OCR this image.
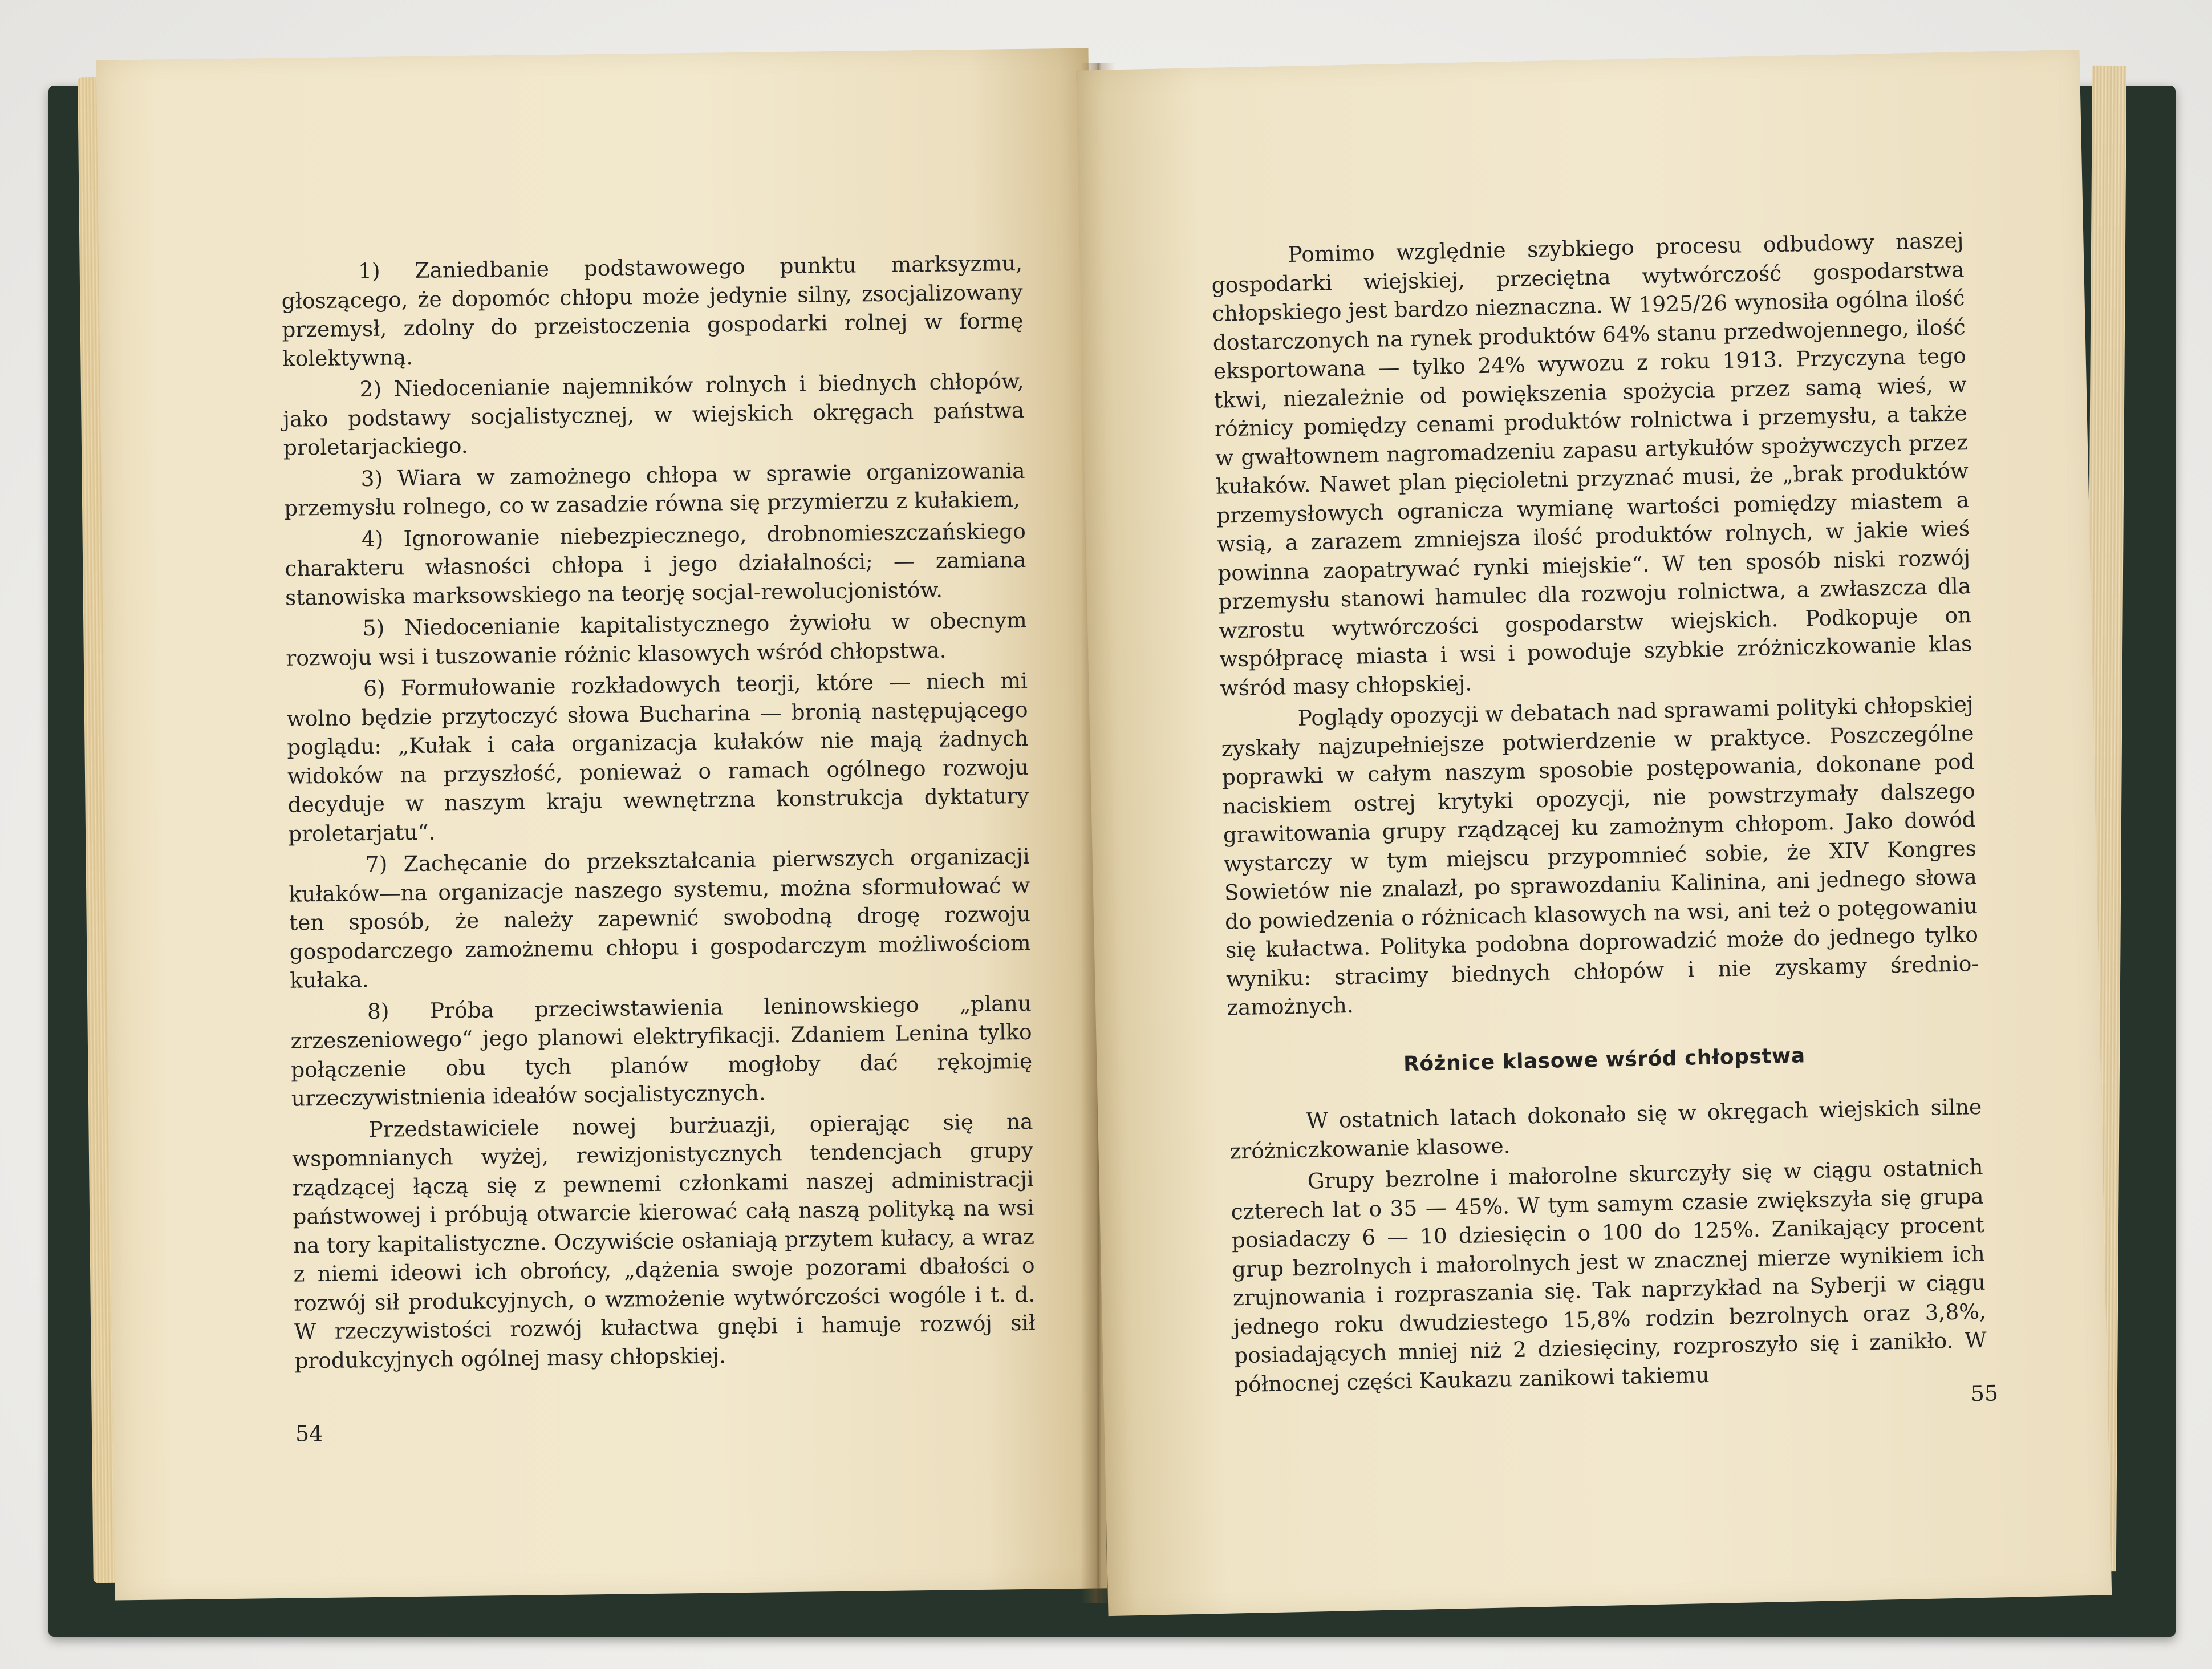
1) Zaniedbanie podstawowego punktu marksyzmu, głoszącego, że dopomóc chłopu może jedynie silny, zsocjalizowany przemysł, zdolny do przeistoczenia gospodarki rolnej w formę kolektywną.

2) Niedocenianie najemników rolnych i biednych chłopów, jako podstawy socjalistycznej, w wiejskich okręgach państwa proletarjackiego.

3) Wiara w zamożnego chłopa w sprawie organizowania przemysłu rolnego, co w zasadzie równa się przymierzu z kułakiem,

4) Ignorowanie niebezpiecznego, drobnomieszczańskiego charakteru własności chłopa i jego działalności; — zamiana stanowiska marksowskiego na teorję socjal-rewolucjonistów.

5) Niedocenianie kapitalistycznego żywiołu w obecnym rozwoju wsi i tuszowanie różnic klasowych wśród chłopstwa.

6) Formułowanie rozkładowych teorji, które — niech mi wolno będzie przytoczyć słowa Bucharina — bronią następującego poglądu: „Kułak i cała organizacja kułaków nie mają żadnych widoków na przyszłość, ponieważ o ramach ogólnego rozwoju decyduje w naszym kraju wewnętrzna konstrukcja dyktatury proletarjatu“.

7) Zachęcanie do przekształcania pierwszych organizacji kułaków—na organizacje naszego systemu, można sformułować w ten sposób, że należy zapewnić swobodną drogę rozwoju gospodarczego zamożnemu chłopu i gospodarczym możliwościom kułaka.

8) Próba przeciwstawienia leninowskiego „planu zrzeszeniowego“ jego planowi elektryfikacji. Zdaniem Lenina tylko połączenie obu tych planów mogłoby dać rękojmię urzeczywistnienia ideałów socjalistycznych.

Przedstawiciele nowej burżuazji, opierając się na wspomnianych wyżej, rewizjonistycznych tendencjach grupy rządzącej łączą się z pewnemi członkami naszej administracji państwowej i próbują otwarcie kierować całą naszą polityką na wsi na tory kapitalistyczne. Oczywiście osłaniają przytem kułacy, a wraz z niemi ideowi ich obrońcy, „dążenia swoje pozorami dbałości o rozwój sił produkcyjnych, o wzmożenie wytwórczości wogóle i t. d. W rzeczywistości rozwój kułactwa gnębi i hamuje rozwój sił produkcyjnych ogólnej masy chłopskiej.

54

Pomimo względnie szybkiego procesu odbudowy naszej gospodarki wiejskiej, przeciętna wytwórczość gospodarstwa chłopskiego jest bardzo nieznaczna. W 1925/26 wynosiła ogólna ilość dostarczonych na rynek produktów 64% stanu przedwojennego, ilość eksportowana — tylko 24% wywozu z roku 1913. Przyczyna tego tkwi, niezależnie od powiększenia spożycia przez samą wieś, w różnicy pomiędzy cenami produktów rolnictwa i przemysłu, a także w gwałtownem nagromadzeniu zapasu artykułów spożywczych przez kułaków. Nawet plan pięcioletni przyznać musi, że „brak produktów przemysłowych ogranicza wymianę wartości pomiędzy miastem a wsią, a zarazem zmniejsza ilość produktów rolnych, w jakie wieś powinna zaopatrywać rynki miejskie“. W ten sposób niski rozwój przemysłu stanowi hamulec dla rozwoju rolnictwa, a zwłaszcza dla wzrostu wytwórczości gospodarstw wiejskich. Podkopuje on współpracę miasta i wsi i powoduje szybkie zróżniczkowanie klas wśród masy chłopskiej.

Poglądy opozycji w debatach nad sprawami polityki chłopskiej zyskały najzupełniejsze potwierdzenie w praktyce. Poszczególne poprawki w całym naszym sposobie postępowania, dokonane pod naciskiem ostrej krytyki opozycji, nie powstrzymały dalszego grawitowania grupy rządzącej ku zamożnym chłopom. Jako dowód wystarczy w tym miejscu przypomnieć sobie, że XIV Kongres Sowietów nie znalazł, po sprawozdaniu Kalinina, ani jednego słowa do powiedzenia o różnicach klasowych na wsi, ani też o potęgowaniu się kułactwa. Polityka podobna doprowadzić może do jednego tylko wyniku: stracimy biednych chłopów i nie zyskamy średnio-zamożnych.

Różnice klasowe wśród chłopstwa

W ostatnich latach dokonało się w okręgach wiejskich silne zróżniczkowanie klasowe.

Grupy bezrolne i małorolne skurczyły się w ciągu ostatnich czterech lat o 35 — 45%. W tym samym czasie zwiększyła się grupa posiadaczy 6 — 10 dziesięcin o 100 do 125%. Zanikający procent grup bezrolnych i małorolnych jest w znacznej mierze wynikiem ich zrujnowania i rozpraszania się. Tak naprzykład na Syberji w ciągu jednego roku dwudziestego 15,8% rodzin bezrolnych oraz 3,8%, posiadających mniej niż 2 dziesięciny, rozproszyło się i zanikło. W północnej części Kaukazu zanikowi takiemu	55
